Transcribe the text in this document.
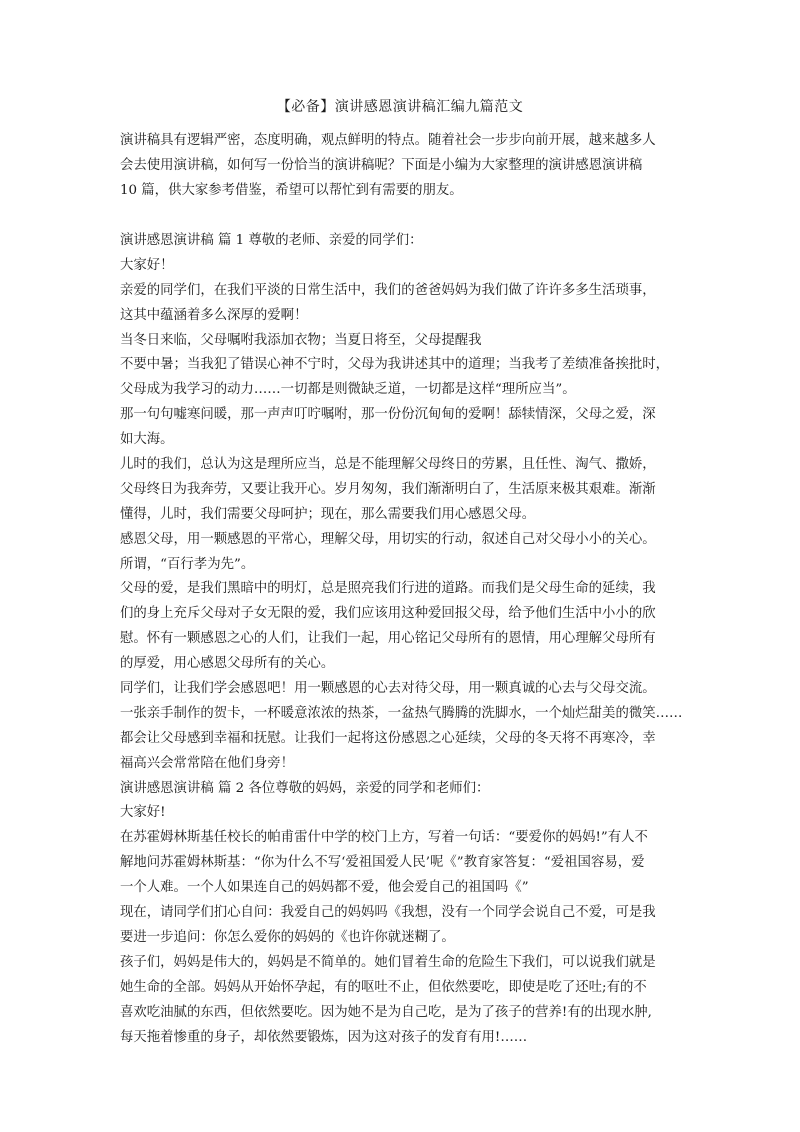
【必备】演讲感恩演讲稿汇编九篇范文
演讲稿具有逻辑严密，态度明确，观点鲜明的特点。随着社会一步步向前开展，越来越多人
会去使用演讲稿，如何写一份恰当的演讲稿呢？下面是小编为大家整理的演讲感恩演讲稿
10 篇，供大家参考借鉴，希望可以帮忙到有需要的朋友。
演讲感恩演讲稿 篇 1 尊敬的老师、亲爱的同学们：
大家好！
亲爱的同学们，在我们平淡的日常生活中，我们的爸爸妈妈为我们做了许许多多生活琐事，
这其中蕴涵着多么深厚的爱啊！
当冬日来临，父母嘱咐我添加衣物；当夏日将至，父母提醒我
不要中暑；当我犯了错误心神不宁时，父母为我讲述其中的道理；当我考了差绩准备挨批时，
父母成为我学习的动力……一切都是则微缺乏道，一切都是这样“理所应当”。
那一句句嘘寒问暖，那一声声叮咛嘱咐，那一份份沉甸甸的爱啊！舔犊情深，父母之爱，深
如大海。
儿时的我们，总认为这是理所应当，总是不能理解父母终日的劳累，且任性、淘气、撒娇，
父母终日为我奔劳，又要让我开心。岁月匆匆，我们渐渐明白了，生活原来极其艰难。渐渐
懂得，儿时，我们需要父母呵护；现在，那么需要我们用心感恩父母。
感恩父母，用一颗感恩的平常心，理解父母，用切实的行动，叙述自己对父母小小的关心。
所谓，“百行孝为先”。
父母的爱，是我们黑暗中的明灯，总是照亮我们行进的道路。而我们是父母生命的延续，我
们的身上充斥父母对子女无限的爱，我们应该用这种爱回报父母，给予他们生活中小小的欣
慰。怀有一颗感恩之心的人们，让我们一起，用心铭记父母所有的恩情，用心理解父母所有
的厚爱，用心感恩父母所有的关心。
同学们，让我们学会感恩吧！用一颗感恩的心去对待父母，用一颗真诚的心去与父母交流。
一张亲手制作的贺卡，一杯暖意浓浓的热茶，一盆热气腾腾的洗脚水，一个灿烂甜美的微笑……
都会让父母感到幸福和抚慰。让我们一起将这份感恩之心延续，父母的冬天将不再寒冷，幸
福高兴会常常陪在他们身旁！
演讲感恩演讲稿 篇 2 各位尊敬的妈妈，亲爱的同学和老师们：
大家好!
在苏霍姆林斯基任校长的帕甫雷什中学的校门上方，写着一句话：“要爱你的妈妈!”有人不
解地问苏霍姆林斯基：“你为什么不写‘爱祖国爱人民’呢《”教育家答复：“爱祖国容易，爱
一个人难。一个人如果连自己的妈妈都不爱，他会爱自己的祖国吗《”
现在，请同学们扪心自问：我爱自己的妈妈吗《我想，没有一个同学会说自己不爱，可是我
要进一步追问：你怎么爱你的妈妈的《也许你就迷糊了。
孩子们，妈妈是伟大的，妈妈是不简单的。她们冒着生命的危险生下我们，可以说我们就是
她生命的全部。妈妈从开始怀孕起，有的呕吐不止，但依然要吃，即使是吃了还吐;有的不
喜欢吃油腻的东西，但依然要吃。因为她不是为自己吃，是为了孩子的营养!有的出现水肿,
每天拖着惨重的身子，却依然要锻炼，因为这对孩子的发育有用!……
